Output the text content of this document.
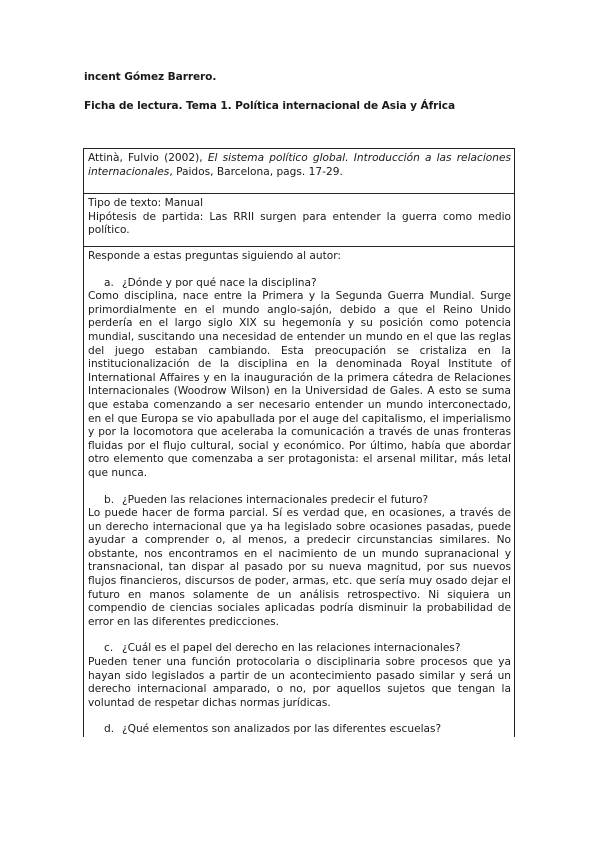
incent Gómez Barrero.
Ficha de lectura. Tema 1. Política internacional de Asia y África
Attinà, Fulvio (2002), El sistema político global. Introducción a las relaciones internacionales, Paidos, Barcelona, pags. 17-29.

Tipo de texto: Manual
Hipótesis de partida: Las RRII surgen para entender la guerra como medio político.

Responde a estas preguntas siguiendo al autor:
a. ¿Dónde y por qué nace la disciplina?
Como disciplina, nace entre la Primera y la Segunda Guerra Mundial. Surge primordialmente en el mundo anglo-sajón, debido a que el Reino Unido perdería en el largo siglo XIX su hegemonía y su posición como potencia mundial, suscitando una necesidad de entender un mundo en el que las reglas del juego estaban cambiando. Esta preocupación se cristaliza en la institucionalización de la disciplina en la denominada Royal Institute of International Affaires y en la inauguración de la primera cátedra de Relaciones Internacionales (Woodrow Wilson) en la Universidad de Gales. A esto se suma que estaba comenzando a ser necesario entender un mundo interconectado, en el que Europa se vio apabullada por el auge del capitalismo, el imperialismo y por la locomotora que aceleraba la comunicación a través de unas fronteras fluidas por el flujo cultural, social y económico. Por último, había que abordar otro elemento que comenzaba a ser protagonista: el arsenal militar, más letal que nunca.
b. ¿Pueden las relaciones internacionales predecir el futuro?
Lo puede hacer de forma parcial. Sí es verdad que, en ocasiones, a través de un derecho internacional que ya ha legislado sobre ocasiones pasadas, puede ayudar a comprender o, al menos, a predecir circunstancias similares. No obstante, nos encontramos en el nacimiento de un mundo supranacional y transnacional, tan dispar al pasado por su nueva magnitud, por sus nuevos flujos financieros, discursos de poder, armas, etc. que sería muy osado dejar el futuro en manos solamente de un análisis retrospectivo. Ni siquiera un compendio de ciencias sociales aplicadas podría disminuir la probabilidad de error en las diferentes predicciones.
c. ¿Cuál es el papel del derecho en las relaciones internacionales?
Pueden tener una función protocolaria o disciplinaria sobre procesos que ya hayan sido legislados a partir de un acontecimiento pasado similar y será un derecho internacional amparado, o no, por aquellos sujetos que tengan la voluntad de respetar dichas normas jurídicas.
d. ¿Qué elementos son analizados por las diferentes escuelas?
